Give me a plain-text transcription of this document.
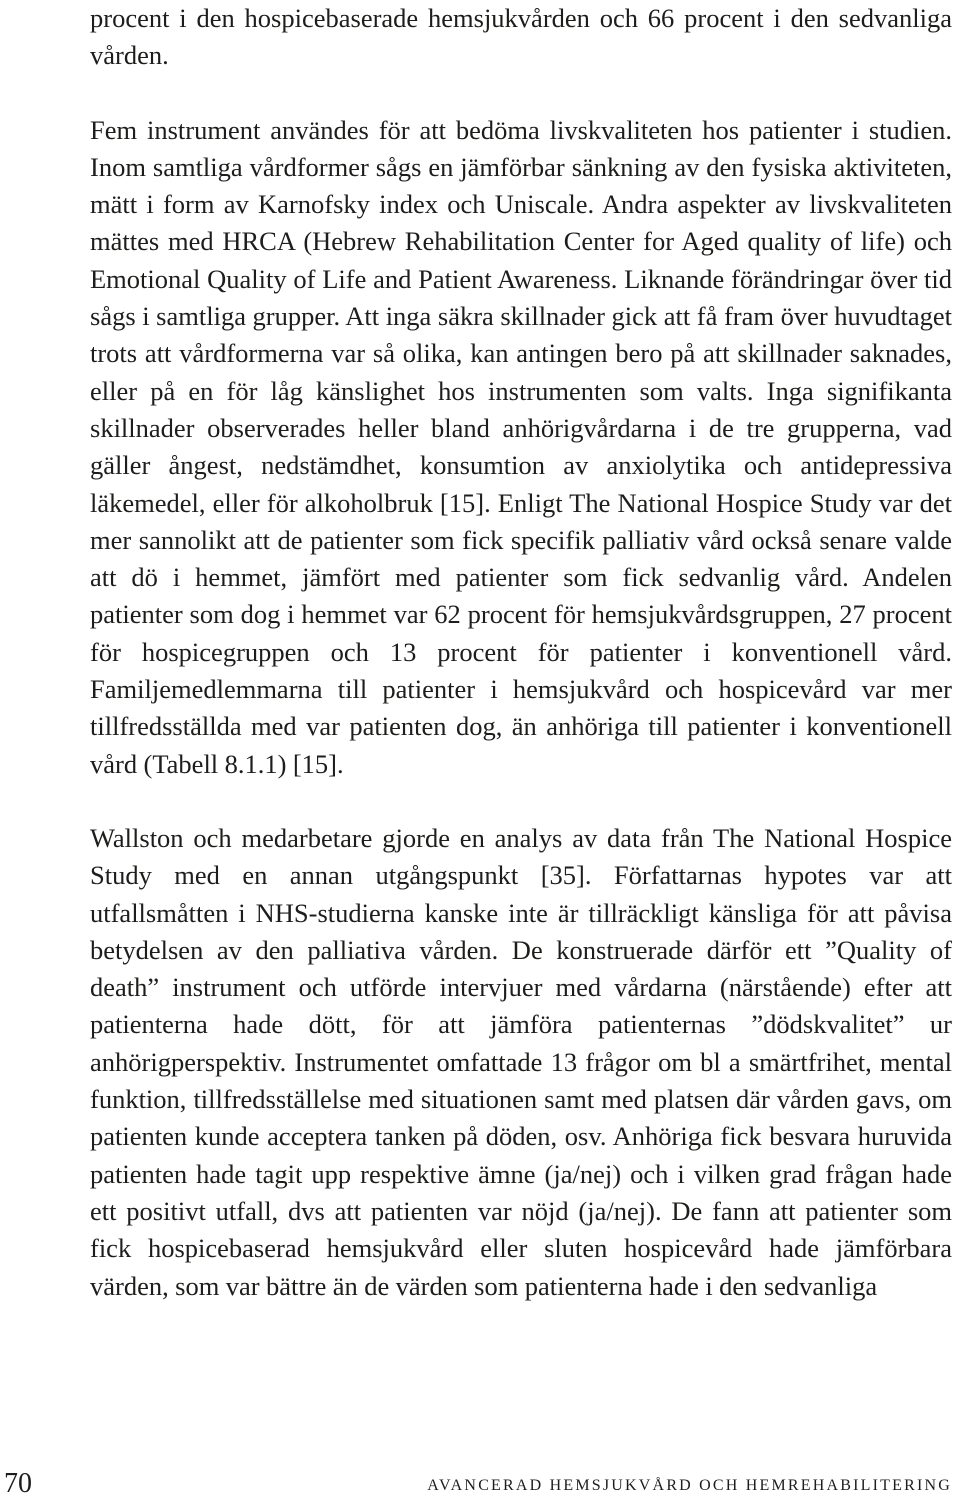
procent i den hospicebaserade hemsjukvården och 66 procent i den sedvanliga vården.

Fem instrument användes för att bedöma livskvaliteten hos patienter i studien. Inom samtliga vårdformer sågs en jämförbar sänkning av den fysiska aktiviteten, mätt i form av Karnofsky index och Uniscale. Andra aspekter av livskvaliteten mättes med HRCA (Hebrew Rehabilitation Center for Aged quality of life) och Emotional Quality of Life and Patient Awareness. Liknande förändringar över tid sågs i samtliga grupper. Att inga säkra skillnader gick att få fram över huvudtaget trots att vårdformerna var så olika, kan antingen bero på att skillnader saknades, eller på en för låg känslighet hos instrumenten som valts. Inga signifikanta skillnader observerades heller bland anhörigvårdarna i de tre grupperna, vad gäller ångest, nedstämdhet, konsumtion av anxiolytika och antidepressiva läkemedel, eller för alkoholbruk [15]. Enligt The National Hospice Study var det mer sannolikt att de patienter som fick specifik palliativ vård också senare valde att dö i hemmet, jämfört med patienter som fick sedvanlig vård. Andelen patienter som dog i hemmet var 62 procent för hemsjukvårdsgruppen, 27 procent för hospicegruppen och 13 procent för patienter i konventionell vård. Familjemedlemmarna till patienter i hemsjukvård och hospicevård var mer tillfredsställda med var patienten dog, än anhöriga till patienter i konventionell vård (Tabell 8.1.1) [15].

Wallston och medarbetare gjorde en analys av data från The National Hospice Study med en annan utgångspunkt [35]. Författarnas hypotes var att utfallsmåtten i NHS-studierna kanske inte är tillräckligt känsliga för att påvisa betydelsen av den palliativa vården. De konstruerade därför ett ”Quality of death” instrument och utförde intervjuer med vårdarna (närstående) efter att patienterna hade dött, för att jämföra patienternas ”dödskvalitet” ur anhörigperspektiv. Instrumentet omfattade 13 frågor om bl a smärtfrihet, mental funktion, tillfredsställelse med situationen samt med platsen där vården gavs, om patienten kunde acceptera tanken på döden, osv. Anhöriga fick besvara huruvida patienten hade tagit upp respektive ämne (ja/nej) och i vilken grad frågan hade ett positivt utfall, dvs att patienten var nöjd (ja/nej). De fann att patienter som fick hospicebaserad hemsjukvård eller sluten hospicevård hade jämförbara värden, som var bättre än de värden som patienterna hade i den sedvanliga

70	AVANCERAD HEMSJUKVÅRD OCH HEMREHABILITERING
